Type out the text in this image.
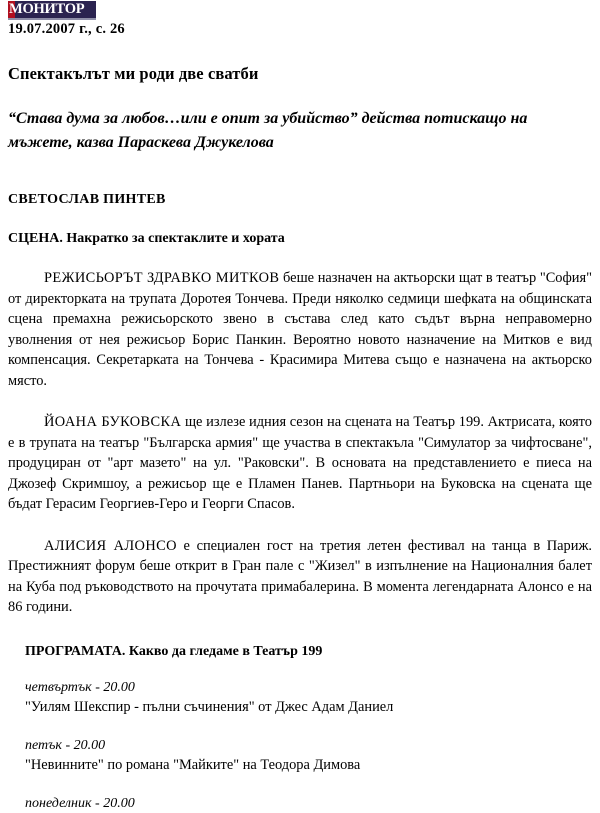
МОНИТОР
19.07.2007 г., с. 26
Спектакълът ми роди две сватби
“Става дума за любов…или е опит за убийство” действа потискащо на мъжете, казва Параскева Джукелова
СВЕТОСЛАВ ПИНТЕВ
СЦЕНА. Накратко за спектаклите и хората

РЕЖИСЬОРЪТ ЗДРАВКО МИТКОВ беше назначен на актьорски щат в театър "София" от директорката на трупата Доротея Тончева. Преди няколко седмици шефката на общинската сцена премахна режисьорското звено в състава след като съдът върна неправомерно уволнения от нея режисьор Борис Панкин. Вероятно новото назначение на Митков е вид компенсация. Секретарката на Тончева - Красимира Митева също е назначена на актьорско място.

ЙОАНА БУКОВСКА ще излезе идния сезон на сцената на Театър 199. Актрисата, която е в трупата на театър "Българска армия" ще участва в спектакъла "Симулатор за чифтосване", продуциран от "арт мазето" на ул. "Раковски". В основата на представлението е пиеса на Джозеф Скримшоу, а режисьор ще е Пламен Панев. Партньори на Буковска на сцената ще бъдат Герасим Георгиев-Геро и Георги Спасов.

АЛИСИЯ АЛОНСО е специален гост на третия летен фестивал на танца в Париж. Престижният форум беше открит в Гран пале с "Жизел" в изпълнение на Националния балет на Куба под ръководството на прочутата примабалерина. В момента легендарната Алонсо е на 86 години.

ПРОГРАМАТА. Какво да гледаме в Театър 199
четвъртък - 20.00
"Уилям Шекспир - пълни съчинения" от Джес Адам Даниел
петък - 20.00
"Невинните" по романа "Майките" на Теодора Димова
понеделник - 20.00
